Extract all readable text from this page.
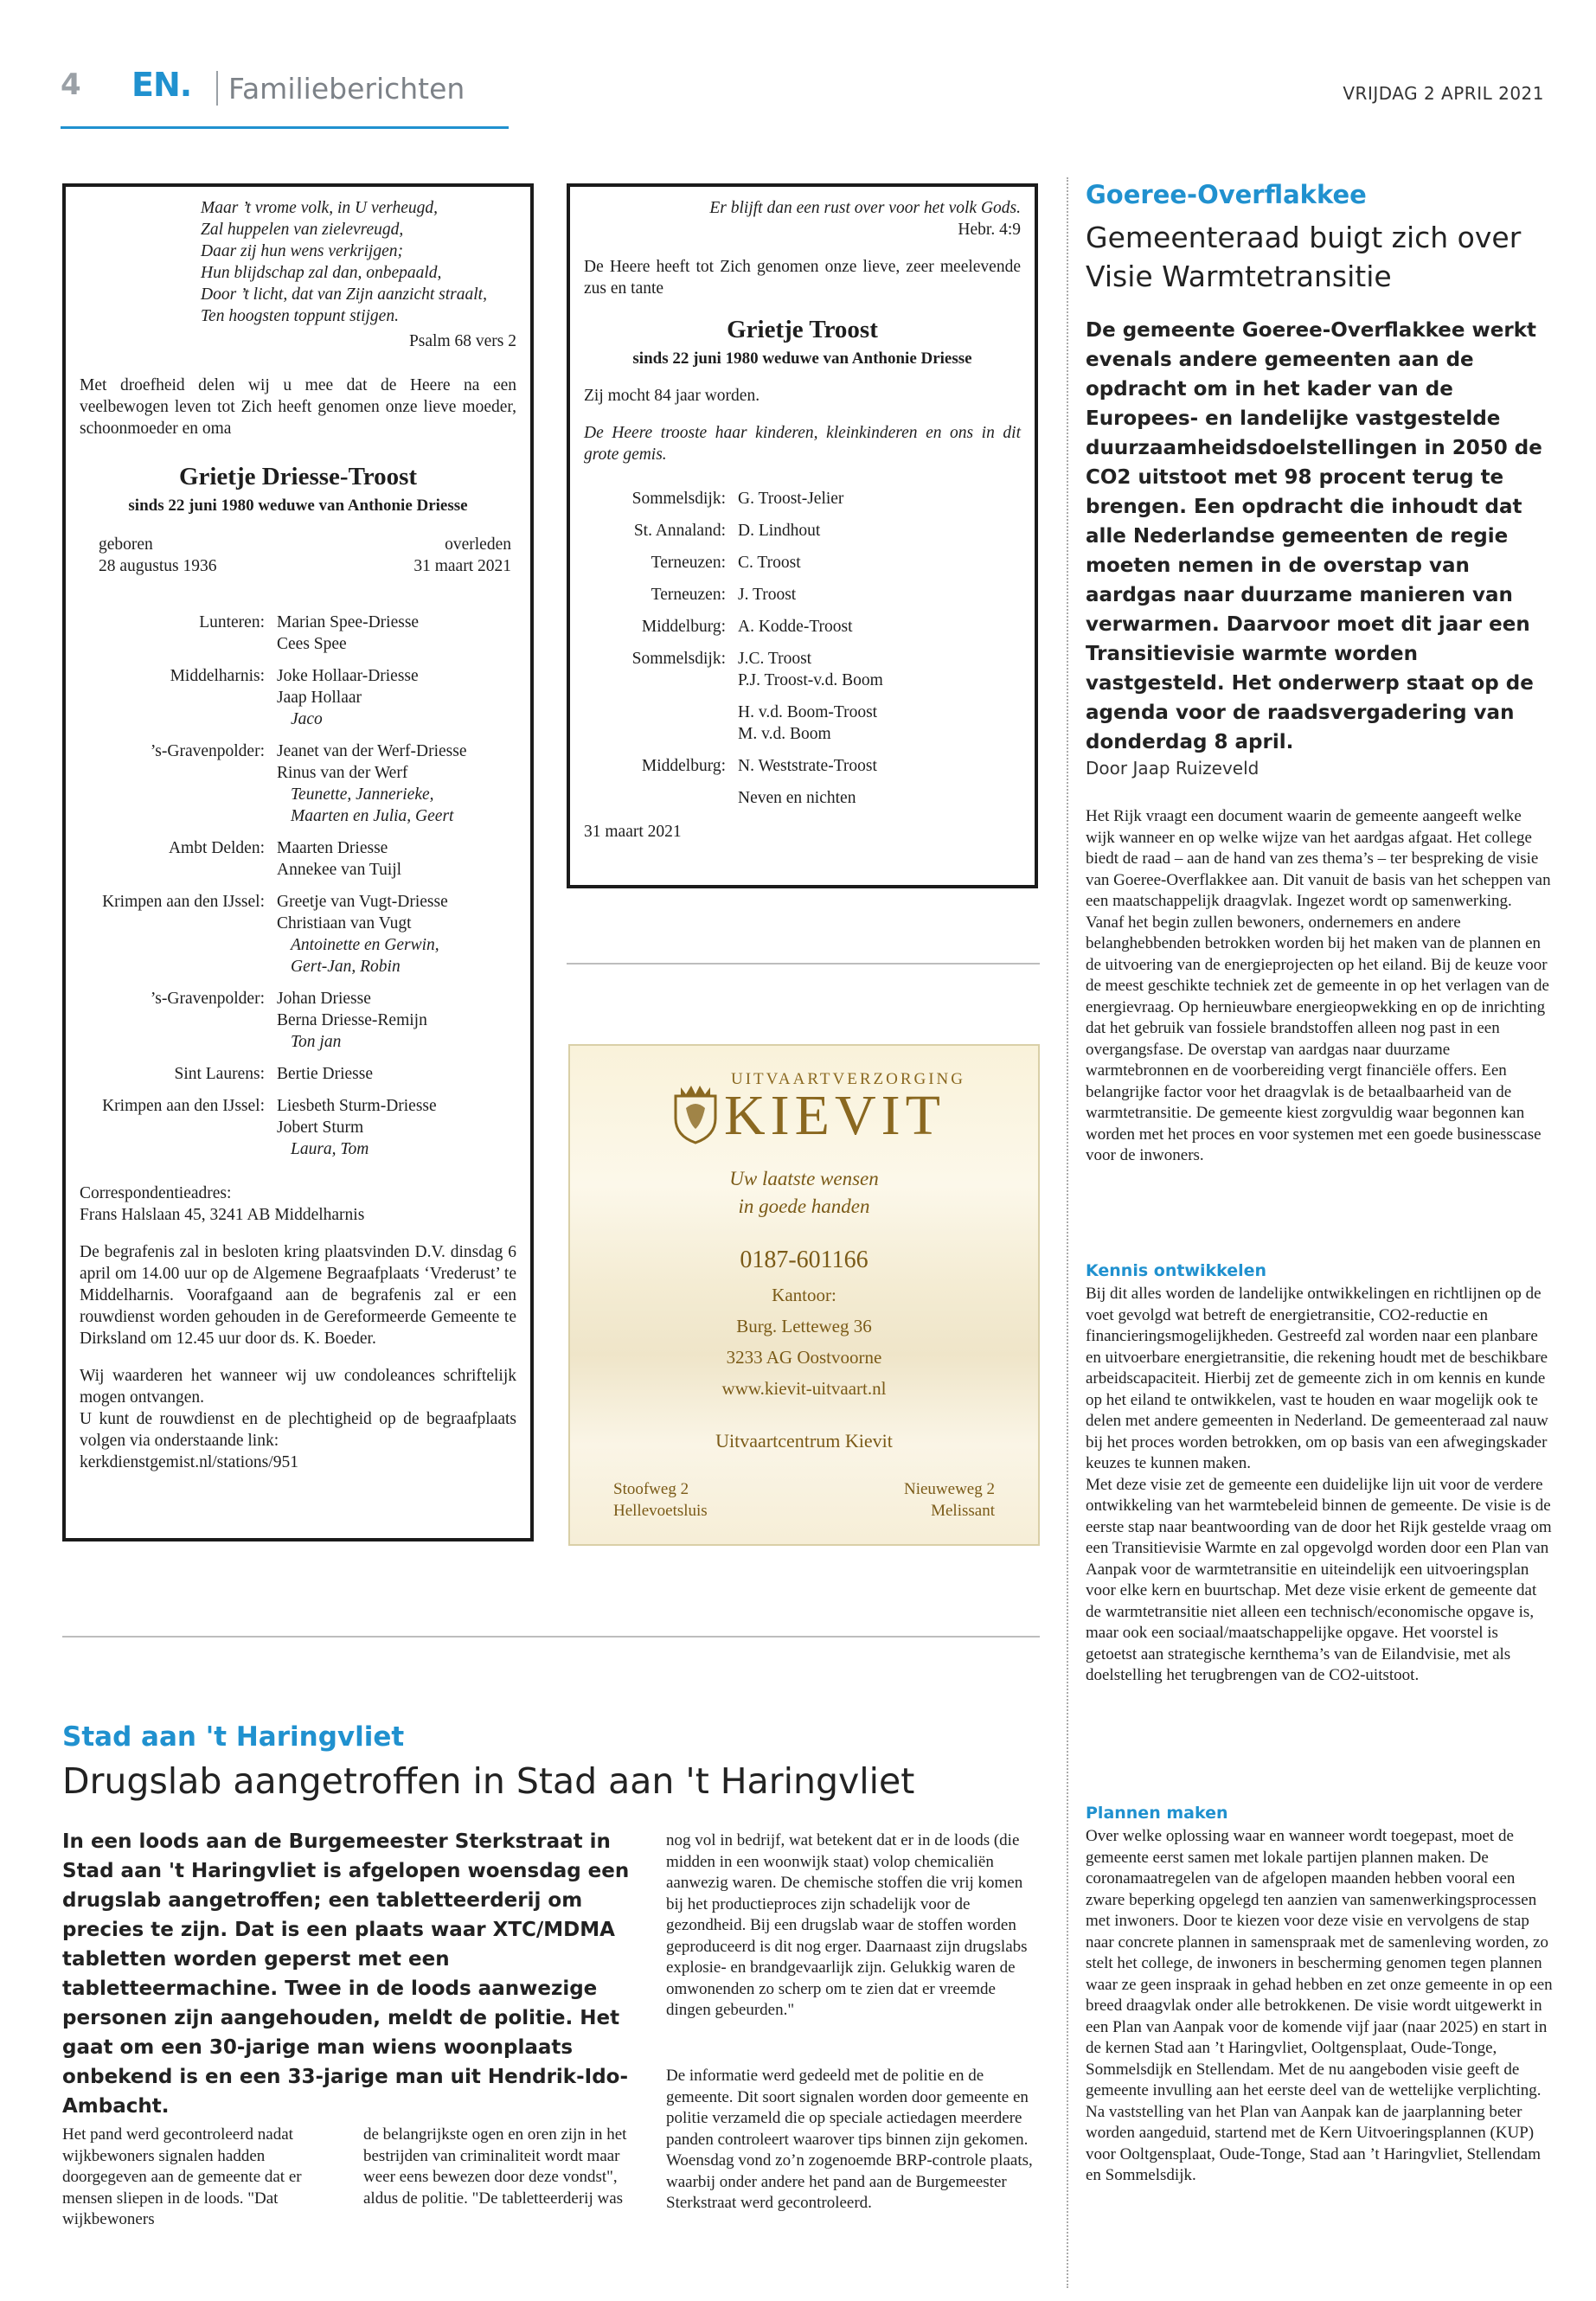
4 EN. Familieberichten	VRIJDAG 2 APRIL 2021
Maar ’t vrome volk, in U verheugd,
Zal huppelen van zielevreugd,
Daar zij hun wens verkrijgen;
Hun blijdschap zal dan, onbepaald,
Door ’t licht, dat van Zijn aanzicht straalt,
Ten hoogsten toppunt stijgen.
Psalm 68 vers 2
Met droefheid delen wij u mee dat de Heere na een veelbewogen leven tot Zich heeft genomen onze lieve moeder, schoonmoeder en oma
Grietje Driesse-Troost
sinds 22 juni 1980 weduwe van Anthonie Driesse
geboren
28 augustus 1936
overleden
31 maart 2021
Lunteren: Marian Spee-Driesse
Cees Spee
Middelharnis: Joke Hollaar-Driesse
Jaap Hollaar
Jaco
’s-Gravenpolder: Jeanet van der Werf-Driesse
Rinus van der Werf
Teunette, Jannerieke,
Maarten en Julia, Geert
Ambt Delden: Maarten Driesse
Annekee van Tuijl
Krimpen aan den IJssel: Greetje van Vugt-Driesse
Christiaan van Vugt
Antoinette en Gerwin,
Gert-Jan, Robin
’s-Gravenpolder: Johan Driesse
Berna Driesse-Remijn
Ton jan
Sint Laurens: Bertie Driesse
Krimpen aan den IJssel: Liesbeth Sturm-Driesse
Jobert Sturm
Laura, Tom
Correspondentieadres:
Frans Halslaan 45, 3241 AB Middelharnis
De begrafenis zal in besloten kring plaatsvinden D.V. dinsdag 6 april om 14.00 uur op de Algemene Begraafplaats ‘Vrederust’ te Middelharnis. Voorafgaand aan de begrafenis zal er een rouwdienst worden gehouden in de Gereformeerde Gemeente te Dirksland om 12.45 uur door ds. K. Boeder.
Wij waarderen het wanneer wij uw condoleances schriftelijk mogen ontvangen.
U kunt de rouwdienst en de plechtigheid op de begraafplaats volgen via onderstaande link:
kerkdienstgemist.nl/stations/951
Er blijft dan een rust over voor het volk Gods.
Hebr. 4:9
De Heere heeft tot Zich genomen onze lieve, zeer meelevende zus en tante
Grietje Troost
sinds 22 juni 1980 weduwe van Anthonie Driesse
Zij mocht 84 jaar worden.
De Heere trooste haar kinderen, kleinkinderen en ons in dit grote gemis.
Sommelsdijk: G. Troost-Jelier
St. Annaland: D. Lindhout
Terneuzen: C. Troost
Terneuzen: J. Troost
Middelburg: A. Kodde-Troost
Sommelsdijk: J.C. Troost
P.J. Troost-v.d. Boom
H. v.d. Boom-Troost
M. v.d. Boom
Middelburg: N. Weststrate-Troost
Neven en nichten
31 maart 2021
UITVAARTVERZORGING
KIEVIT
Uw laatste wensen
in goede handen
0187-601166
Kantoor:
Burg. Letteweg 36
3233 AG Oostvoorne
www.kievit-uitvaart.nl
Uitvaartcentrum Kievit
Stoofweg 2
Hellevoetsluis
Nieuweweg 2
Melissant
Goeree-Overflakkee
Gemeenteraad buigt zich over Visie Warmtetransitie
De gemeente Goeree-Overflakkee werkt evenals andere gemeenten aan de opdracht om in het kader van de Europees- en landelijke vastgestelde duurzaamheidsdoelstellingen in 2050 de CO2 uitstoot met 98 procent terug te brengen. Een opdracht die inhoudt dat alle Nederlandse gemeenten de regie moeten nemen in de overstap van aardgas naar duurzame manieren van verwarmen. Daarvoor moet dit jaar een Transitievisie warmte worden vastgesteld. Het onderwerp staat op de agenda voor de raadsvergadering van donderdag 8 april.
Door Jaap Ruizeveld
Het Rijk vraagt een document waarin de gemeente aangeeft welke wijk wanneer en op welke wijze van het aardgas afgaat. Het college biedt de raad – aan de hand van zes thema’s – ter bespreking de visie van Goeree-Overflakkee aan. Dit vanuit de basis van het scheppen van een maatschappelijk draagvlak. Ingezet wordt op samenwerking. Vanaf het begin zullen bewoners, ondernemers en andere belanghebbenden betrokken worden bij het maken van de plannen en de uitvoering van de energieprojecten op het eiland. Bij de keuze voor de meest geschikte techniek zet de gemeente in op het verlagen van de energievraag. Op hernieuwbare energieopwekking en op de inrichting dat het gebruik van fossiele brandstoffen alleen nog past in een overgangsfase. De overstap van aardgas naar duurzame warmtebronnen en de voorbereiding vergt financiële offers. Een belangrijke factor voor het draagvlak is de betaalbaarheid van de warmtetransitie. De gemeente kiest zorgvuldig waar begonnen kan worden met het proces en voor systemen met een goede businesscase voor de inwoners.
Kennis ontwikkelen
Bij dit alles worden de landelijke ontwikkelingen en richtlijnen op de voet gevolgd wat betreft de energietransitie, CO2-reductie en financieringsmogelijkheden. Gestreefd zal worden naar een planbare en uitvoerbare energietransitie, die rekening houdt met de beschikbare arbeidscapaciteit. Hierbij zet de gemeente zich in om kennis en kunde op het eiland te ontwikkelen, vast te houden en waar mogelijk ook te delen met andere gemeenten in Nederland. De gemeenteraad zal nauw bij het proces worden betrokken, om op basis van een afwegingskader keuzes te kunnen maken.
Met deze visie zet de gemeente een duidelijke lijn uit voor de verdere ontwikkeling van het warmtebeleid binnen de gemeente. De visie is de eerste stap naar beantwoording van de door het Rijk gestelde vraag om een Transitievisie Warmte en zal opgevolgd worden door een Plan van Aanpak voor de warmtetransitie en uiteindelijk een uitvoeringsplan voor elke kern en buurtschap. Met deze visie erkent de gemeente dat de warmtetransitie niet alleen een technisch/economische opgave is, maar ook een sociaal/maatschappelijke opgave. Het voorstel is getoetst aan strategische kernthema’s van de Eilandvisie, met als doelstelling het terugbrengen van de CO2-uitstoot.
Plannen maken
Over welke oplossing waar en wanneer wordt toegepast, moet de gemeente eerst samen met lokale partijen plannen maken. De coronamaatregelen van de afgelopen maanden hebben vooral een zware beperking opgelegd ten aanzien van samenwerkingsprocessen met inwoners. Door te kiezen voor deze visie en vervolgens de stap naar concrete plannen in samenspraak met de samenleving worden, zo stelt het college, de inwoners in bescherming genomen tegen plannen waar ze geen inspraak in gehad hebben en zet onze gemeente in op een breed draagvlak onder alle betrokkenen. De visie wordt uitgewerkt in een Plan van Aanpak voor de komende vijf jaar (naar 2025) en start in de kernen Stad aan ’t Haringvliet, Ooltgensplaat, Oude-Tonge, Sommelsdijk en Stellendam. Met de nu aangeboden visie geeft de gemeente invulling aan het eerste deel van de wettelijke verplichting. Na vaststelling van het Plan van Aanpak kan de jaarplanning beter worden aangeduid, startend met de Kern Uitvoeringsplannen (KUP) voor Ooltgensplaat, Oude-Tonge, Stad aan ’t Haringvliet, Stellendam en Sommelsdijk.
Stad aan 't Haringvliet
Drugslab aangetroffen in Stad aan 't Haringvliet
In een loods aan de Burgemeester Sterkstraat in Stad aan 't Haringvliet is afgelopen woensdag een drugslab aangetroffen; een tabletteerderij om precies te zijn. Dat is een plaats waar XTC/MDMA tabletten worden geperst met een tabletteermachine. Twee in de loods aanwezige personen zijn aangehouden, meldt de politie. Het gaat om een 30-jarige man wiens woonplaats onbekend is en een 33-jarige man uit Hendrik-Ido-Ambacht.
Het pand werd gecontroleerd nadat wijkbewoners signalen hadden doorgegeven aan de gemeente dat er mensen sliepen in de loods. "Dat wijkbewoners
de belangrijkste ogen en oren zijn in het bestrijden van criminaliteit wordt maar weer eens bewezen door deze vondst", aldus de politie. "De tabletteerderij was
nog vol in bedrijf, wat betekent dat er in de loods (die midden in een woonwijk staat) volop chemicaliën aanwezig waren. De chemische stoffen die vrij komen bij het productieproces zijn schadelijk voor de gezondheid. Bij een drugslab waar de stoffen worden geproduceerd is dit nog erger. Daarnaast zijn drugslabs explosie- en brandgevaarlijk zijn. Gelukkig waren de omwonenden zo scherp om te zien dat er vreemde dingen gebeurden."
De informatie werd gedeeld met de politie en de gemeente. Dit soort signalen worden door gemeente en politie verzameld die op speciale actiedagen meerdere panden controleert waarover tips binnen zijn gekomen. Woensdag vond zo’n zogenoemde BRP-controle plaats, waarbij onder andere het pand aan de Burgemeester Sterkstraat werd gecontroleerd.
